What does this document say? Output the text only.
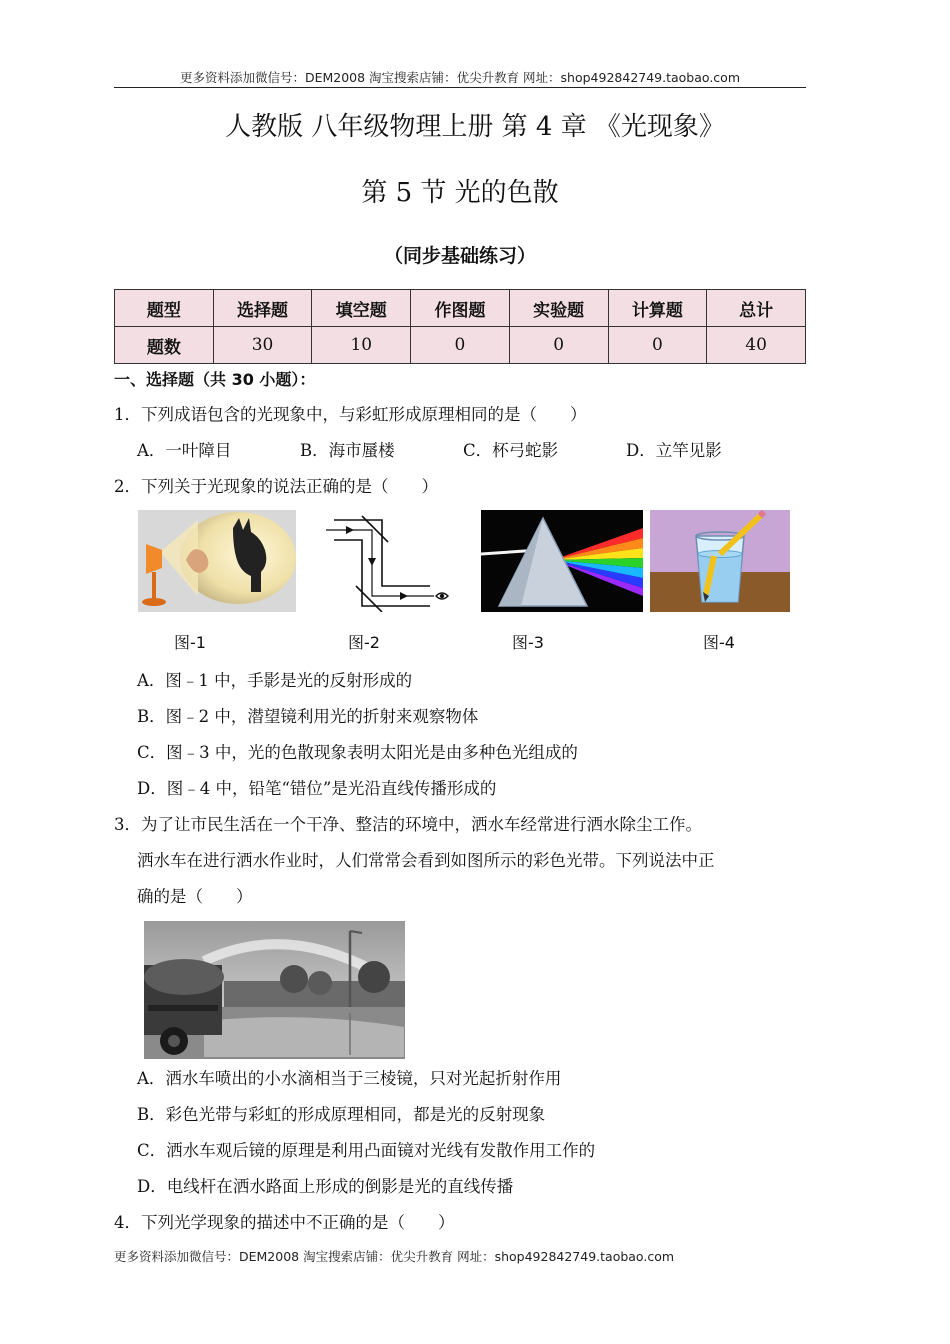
更多资料添加微信号：DEM2008 淘宝搜索店铺：优尖升教育 网址：shop492842749.taobao.com
人教版 八年级物理上册 第 4 章 《光现象》
第 5 节 光的色散
（同步基础练习）
题型	选择题	填空题	作图题	实验题	计算题	总计
题数	30	10	0	0	0	40
一、选择题（共 30 小题）：
1．下列成语包含的光现象中，与彩虹形成原理相同的是（　　）
A．一叶障目	B．海市蜃楼	C．杯弓蛇影	D．立竿见影
2．下列关于光现象的说法正确的是（　　）
图-1	图-2	图-3	图-4
A．图﹣1 中，手影是光的反射形成的
B．图﹣2 中，潜望镜利用光的折射来观察物体
C．图﹣3 中，光的色散现象表明太阳光是由多种色光组成的
D．图﹣4 中，铅笔“错位”是光沿直线传播形成的
3．为了让市民生活在一个干净、整洁的环境中，洒水车经常进行洒水除尘工作。
洒水车在进行洒水作业时，人们常常会看到如图所示的彩色光带。下列说法中正
确的是（　　）
A．洒水车喷出的小水滴相当于三棱镜，只对光起折射作用
B．彩色光带与彩虹的形成原理相同，都是光的反射现象
C．洒水车观后镜的原理是利用凸面镜对光线有发散作用工作的
D．电线杆在洒水路面上形成的倒影是光的直线传播
4．下列光学现象的描述中不正确的是（　　）
更多资料添加微信号：DEM2008 淘宝搜索店铺：优尖升教育 网址：shop492842749.taobao.com
